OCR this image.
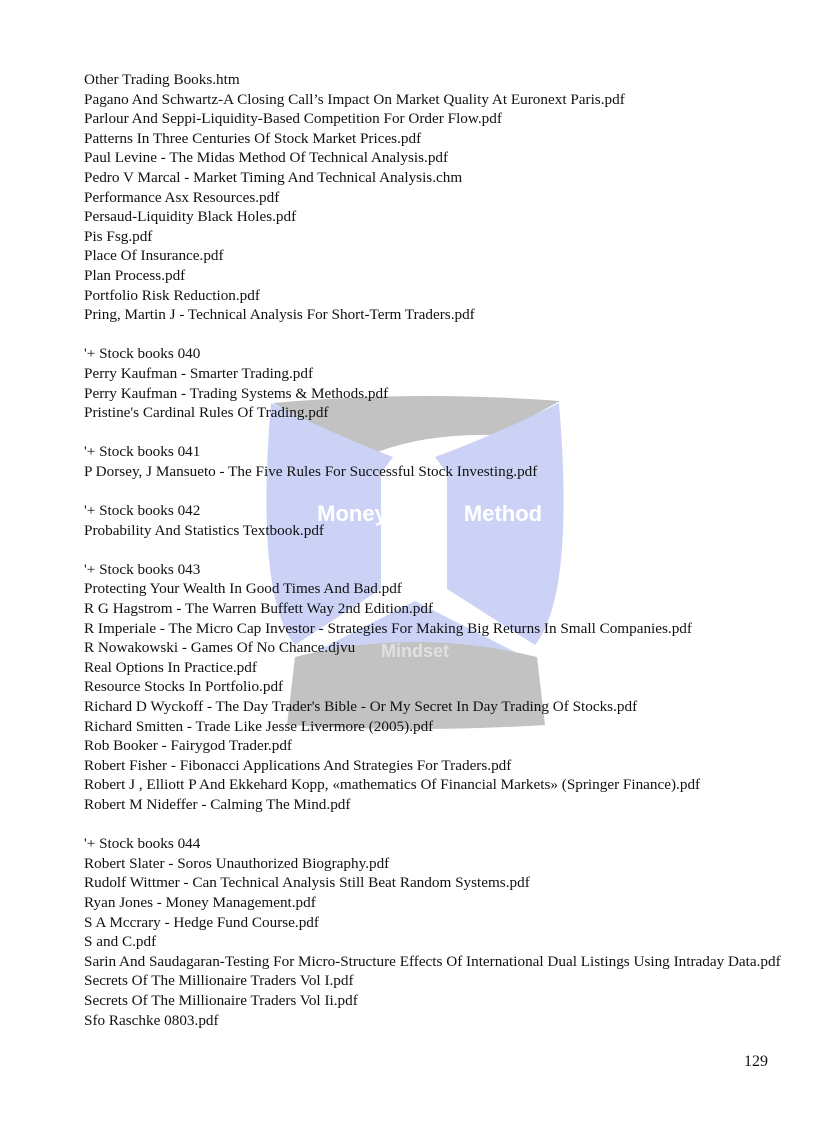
Money	Method
Mindset
Other Trading Books.htm
Pagano And Schwartz-A Closing Call’s Impact On Market Quality At Euronext Paris.pdf
Parlour And Seppi-Liquidity-Based Competition For Order Flow.pdf
Patterns In Three Centuries Of Stock Market Prices.pdf
Paul Levine - The Midas Method Of Technical Analysis.pdf
Pedro V Marcal - Market Timing And Technical Analysis.chm
Performance Asx Resources.pdf
Persaud-Liquidity Black Holes.pdf
Pis Fsg.pdf
Place Of Insurance.pdf
Plan Process.pdf
Portfolio Risk Reduction.pdf
Pring, Martin J - Technical Analysis For Short-Term Traders.pdf
'+ Stock books 040
Perry Kaufman - Smarter Trading.pdf
Perry Kaufman - Trading Systems & Methods.pdf
Pristine's Cardinal Rules Of Trading.pdf
'+ Stock books 041
P Dorsey, J Mansueto - The Five Rules For Successful Stock Investing.pdf
'+ Stock books 042
Probability And Statistics Textbook.pdf
'+ Stock books 043
Protecting Your Wealth In Good Times And Bad.pdf
R G Hagstrom - The Warren Buffett Way 2nd Edition.pdf
R Imperiale - The Micro Cap Investor - Strategies For Making Big Returns In Small Companies.pdf
R Nowakowski - Games Of No Chance.djvu
Real Options In Practice.pdf
Resource Stocks In Portfolio.pdf
Richard D Wyckoff - The Day Trader's Bible - Or My Secret In Day Trading Of Stocks.pdf
Richard Smitten - Trade Like Jesse Livermore (2005).pdf
Rob Booker - Fairygod Trader.pdf
Robert Fisher - Fibonacci Applications And Strategies For Traders.pdf
Robert J , Elliott P And Ekkehard Kopp, «mathematics Of Financial Markets» (Springer Finance).pdf
Robert M Nideffer - Calming The Mind.pdf
'+ Stock books 044
Robert Slater - Soros Unauthorized Biography.pdf
Rudolf Wittmer - Can Technical Analysis Still Beat Random Systems.pdf
Ryan Jones - Money Management.pdf
S A Mccrary - Hedge Fund Course.pdf
S and C.pdf
Sarin And Saudagaran-Testing For Micro-Structure Effects Of International Dual Listings Using Intraday Data.pdf
Secrets Of The Millionaire Traders Vol I.pdf
Secrets Of The Millionaire Traders Vol Ii.pdf
Sfo Raschke 0803.pdf
129
